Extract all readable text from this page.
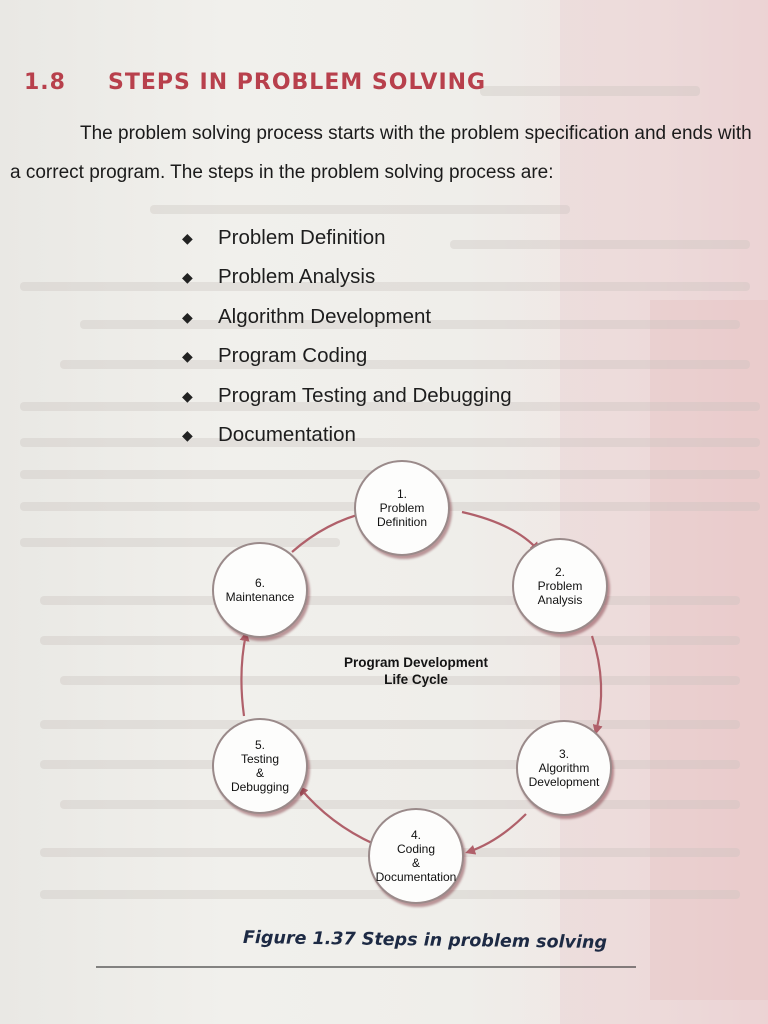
1.8 STEPS IN PROBLEM SOLVING
The problem solving process starts with the problem specification and ends with a correct program. The steps in the problem solving process are:
◆ Problem Definition
◆ Problem Analysis
◆ Algorithm Development
◆ Program Coding
◆ Program Testing and Debugging
◆ Documentation
1.
Problem
Definition
2.
Problem
Analysis
3.
Algorithm
Development
4.
Coding
&
Documentation
5.
Testing
&
Debugging
6.
Maintenance
Program Development
Life Cycle
Figure 1.37 Steps in problem solving
